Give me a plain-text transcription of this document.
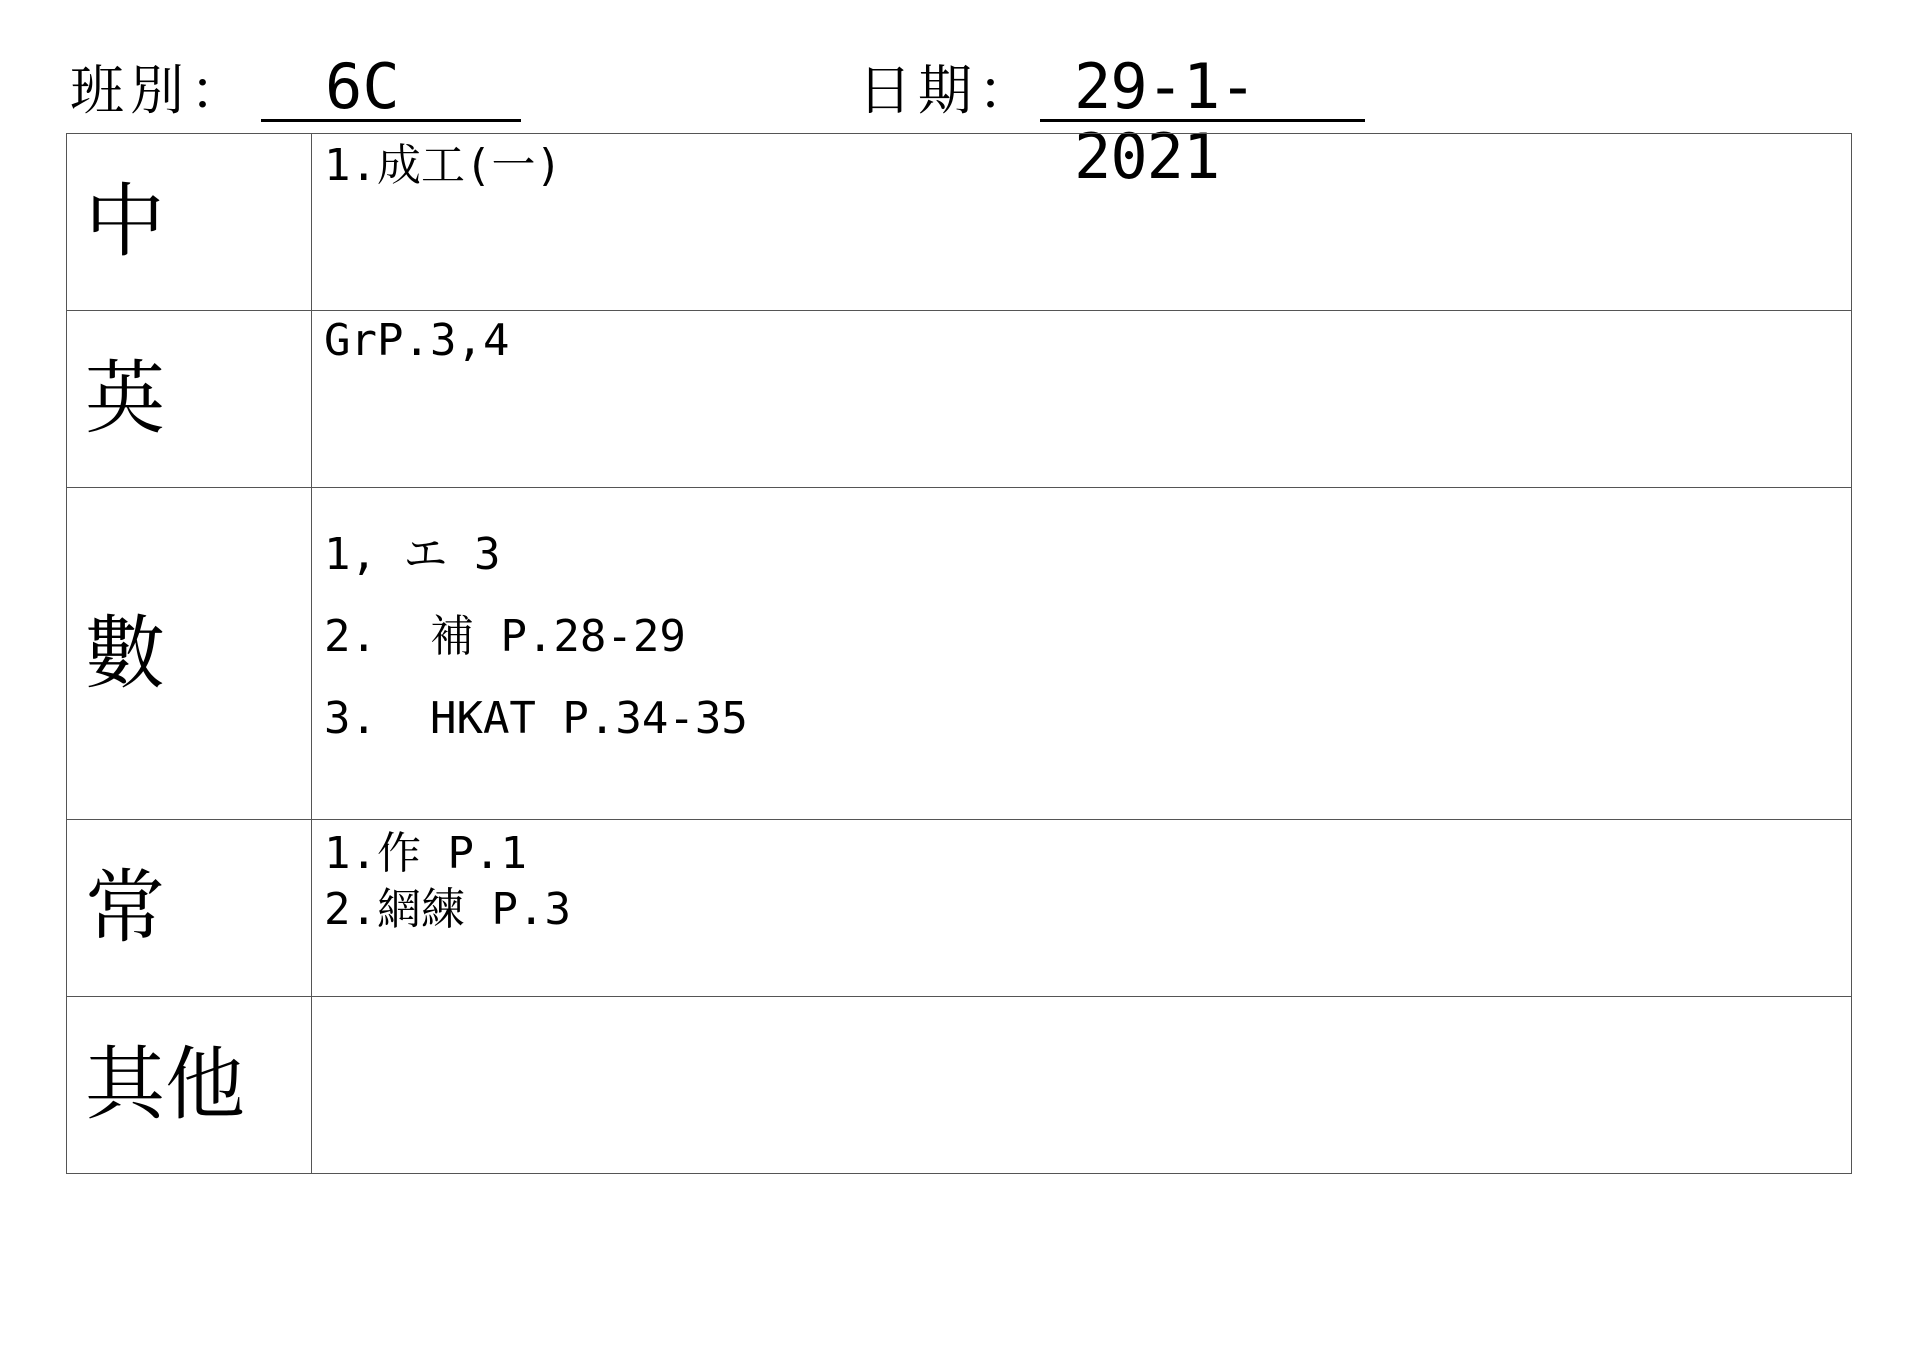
班別：	6C	日期： 29-1-2021
中	1.成工(一)

英	GrP.3,4

數	1, エ 3
2.  補 P.28-29
3.  HKAT P.34-35

常	1.作 P.1
2.網練 P.3

其他	
